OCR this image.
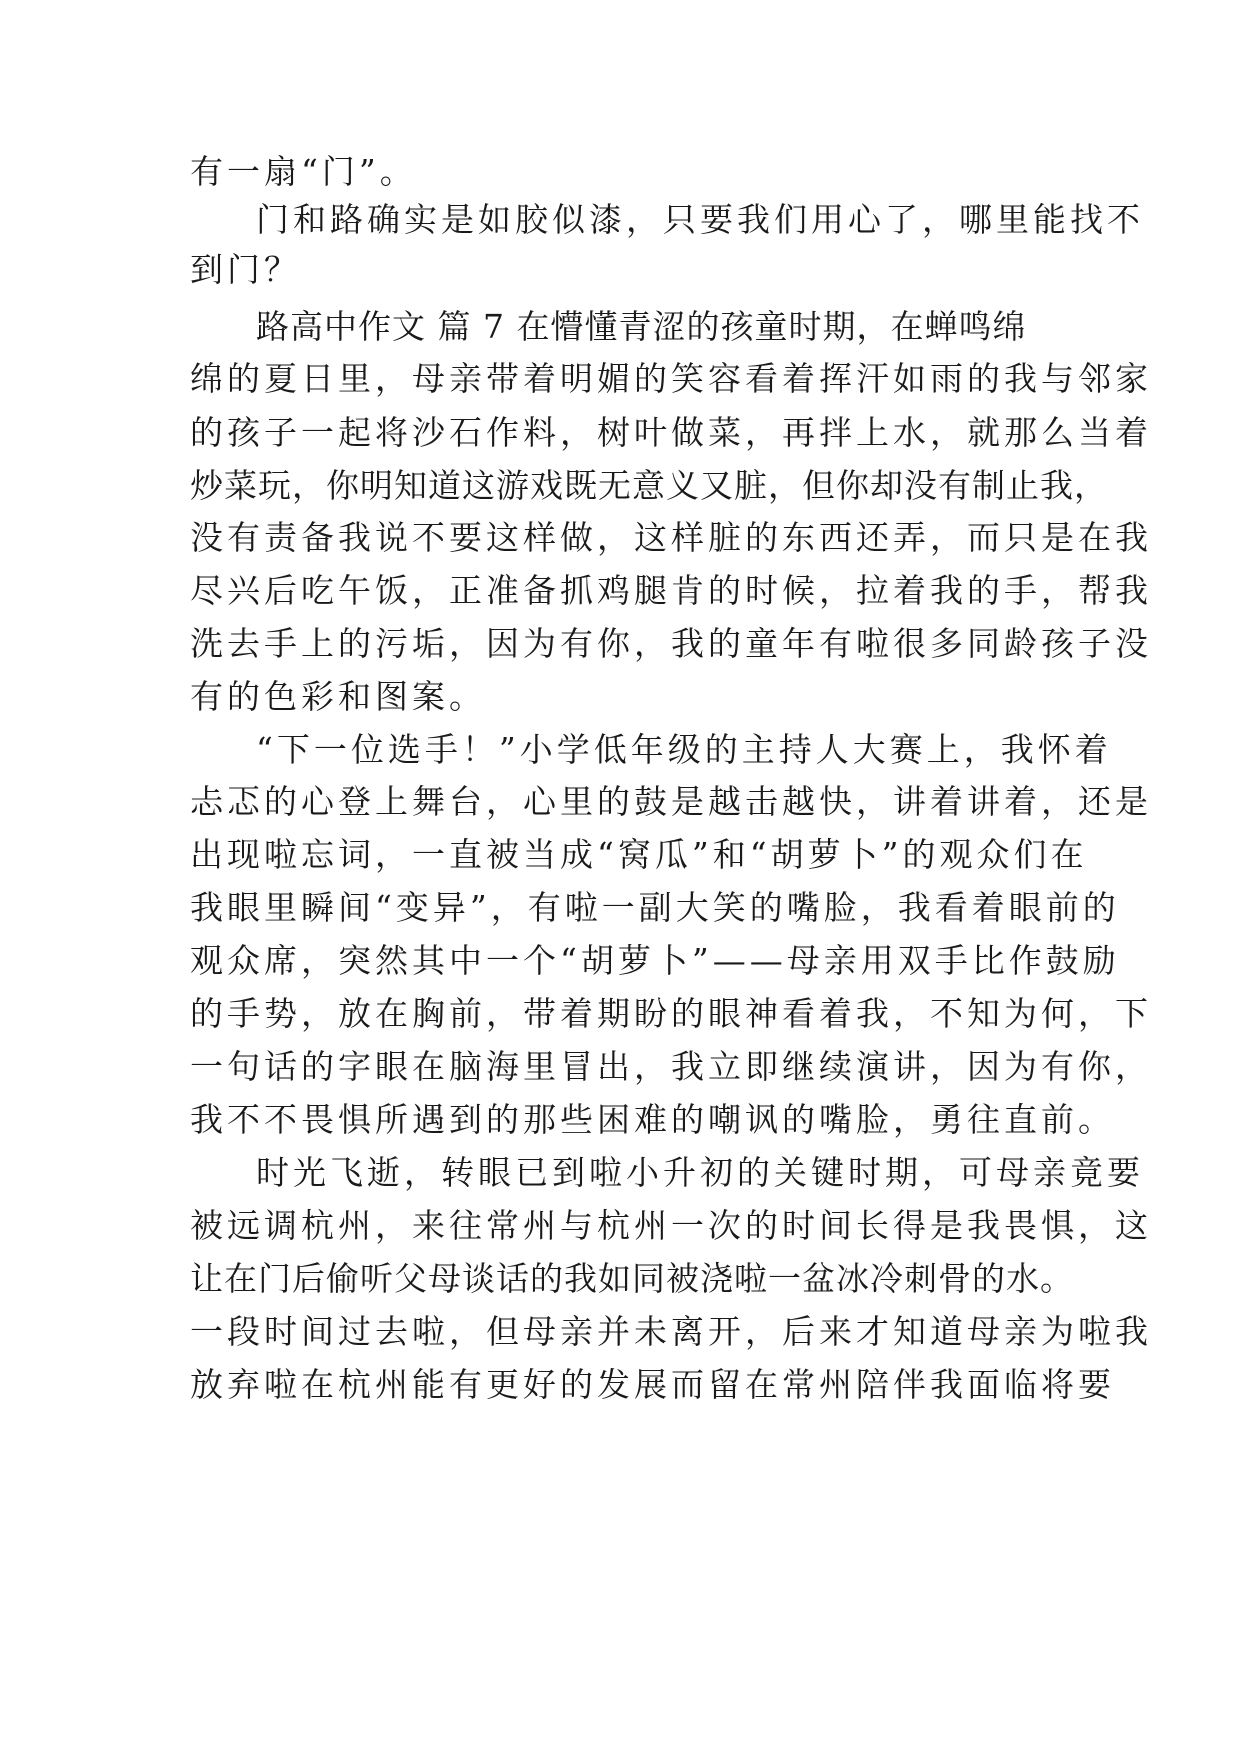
有一扇“门”。
门和路确实是如胶似漆，只要我们用心了，哪里能找不
到门？
路高中作文 篇 7 在懵懂青涩的孩童时期，在蝉鸣绵
绵的夏日里，母亲带着明媚的笑容看着挥汗如雨的我与邻家
的孩子一起将沙石作料，树叶做菜，再拌上水，就那么当着
炒菜玩，你明知道这游戏既无意义又脏，但你却没有制止我，
没有责备我说不要这样做，这样脏的东西还弄，而只是在我
尽兴后吃午饭，正准备抓鸡腿肯的时候，拉着我的手，帮我
洗去手上的污垢，因为有你，我的童年有啦很多同龄孩子没
有的色彩和图案。
“下一位选手！”小学低年级的主持人大赛上，我怀着
忐忑的心登上舞台，心里的鼓是越击越快，讲着讲着，还是
出现啦忘词，一直被当成“窝瓜”和“胡萝卜”的观众们在
我眼里瞬间“变异”，有啦一副大笑的嘴脸，我看着眼前的
观众席，突然其中一个“胡萝卜”——母亲用双手比作鼓励
的手势，放在胸前，带着期盼的眼神看着我，不知为何，下
一句话的字眼在脑海里冒出，我立即继续演讲，因为有你，
我不不畏惧所遇到的那些困难的嘲讽的嘴脸，勇往直前。
时光飞逝，转眼已到啦小升初的关键时期，可母亲竟要
被远调杭州，来往常州与杭州一次的时间长得是我畏惧，这
让在门后偷听父母谈话的我如同被浇啦一盆冰冷刺骨的水。
一段时间过去啦，但母亲并未离开，后来才知道母亲为啦我
放弃啦在杭州能有更好的发展而留在常州陪伴我面临将要
